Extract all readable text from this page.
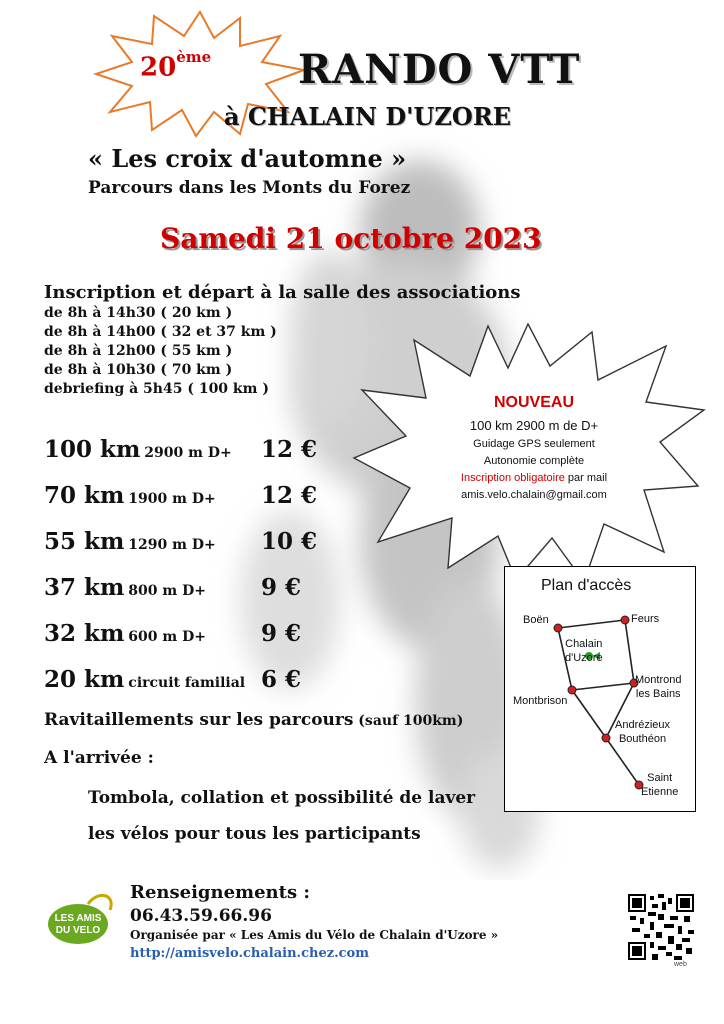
20ème RANDO VTT
à CHALAIN D'UZORE
« Les croix d'automne »
Parcours dans les Monts du Forez
Samedi 21 octobre 2023
Inscription et départ à la salle des associations
de 8h à 14h30 ( 20 km )
de 8h à 14h00 ( 32 et 37 km )
de 8h à 12h00 ( 55 km )
de 8h à 10h30 ( 70 km )
debriefing à 5h45 ( 100 km )
100 km 2900 m D+ 12 €
70 km 1900 m D+ 12 €
55 km 1290 m D+ 10 €
37 km 800 m D+ 9 €
32 km 600 m D+ 9 €
20 km circuit familial 6 €
NOUVEAU
100 km 2900 m de D+
Guidage GPS seulement
Autonomie complète
Inscription obligatoire par mail
amis.velo.chalain@gmail.com
Plan d'accès
Boën	Feurs
Chalain
d'Uzore
Montrond
les Bains
Montbrison
Andrézieux
Bouthéon
Saint
Etienne
Ravitaillements sur les parcours (sauf 100km)
A l'arrivée :
Tombola, collation et possibilité de laver
les vélos pour tous les participants
LES AMIS
DU VELO
Renseignements :
06.43.59.66.96
Organisée par « Les Amis du Vélo de Chalain d'Uzore »
http://amisvelo.chalain.chez.com
web
